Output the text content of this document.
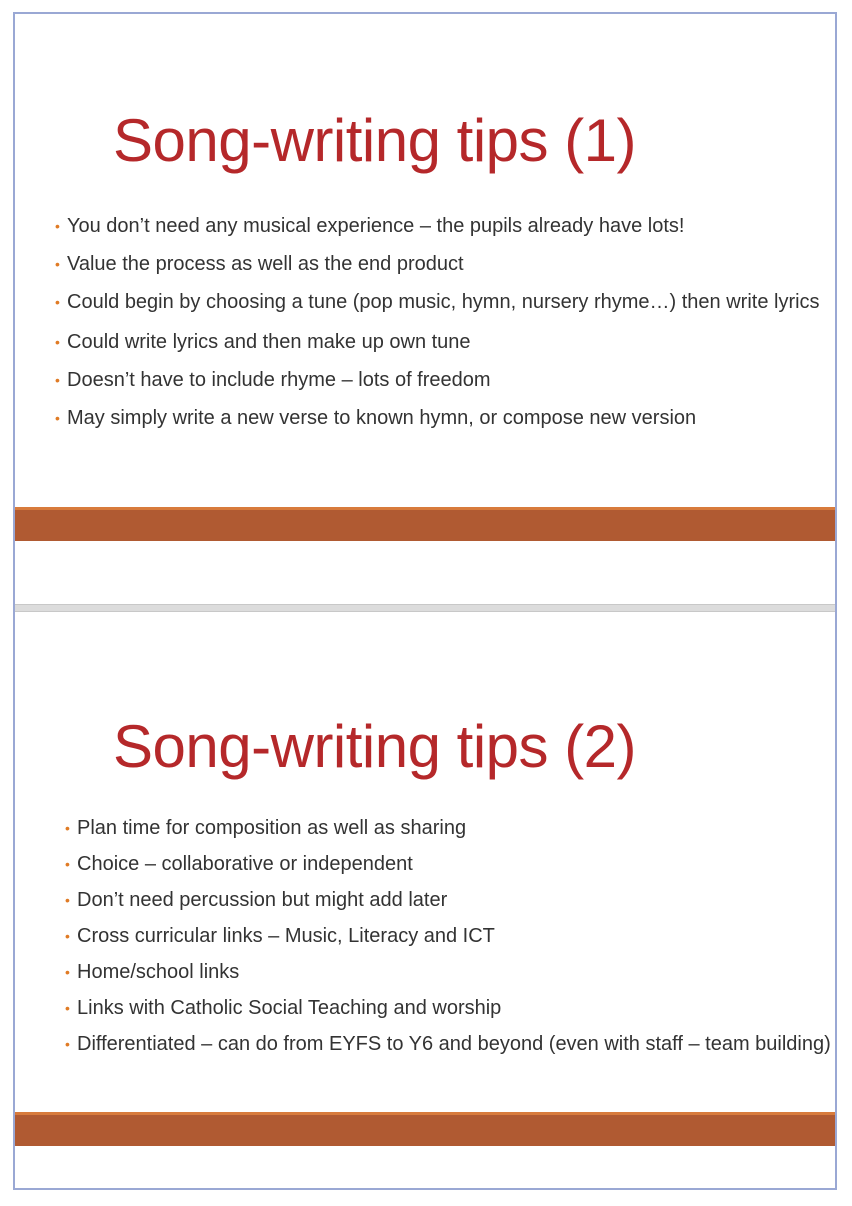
Song-writing tips (1)
• You don’t need any musical experience – the pupils already have lots!
• Value the process as well as the end product
• Could begin by choosing a tune (pop music, hymn, nursery rhyme…) then write lyrics
• Could write lyrics and then make up own tune
• Doesn’t have to include rhyme – lots of freedom
• May simply write a new verse to known hymn, or compose new version
Song-writing tips (2)
• Plan time for composition as well as sharing
• Choice – collaborative or independent
• Don’t need percussion but might add later
• Cross curricular links – Music, Literacy and ICT
• Home/school links
• Links with Catholic Social Teaching and worship
• Differentiated – can do from EYFS to Y6 and beyond (even with staff – team building)
